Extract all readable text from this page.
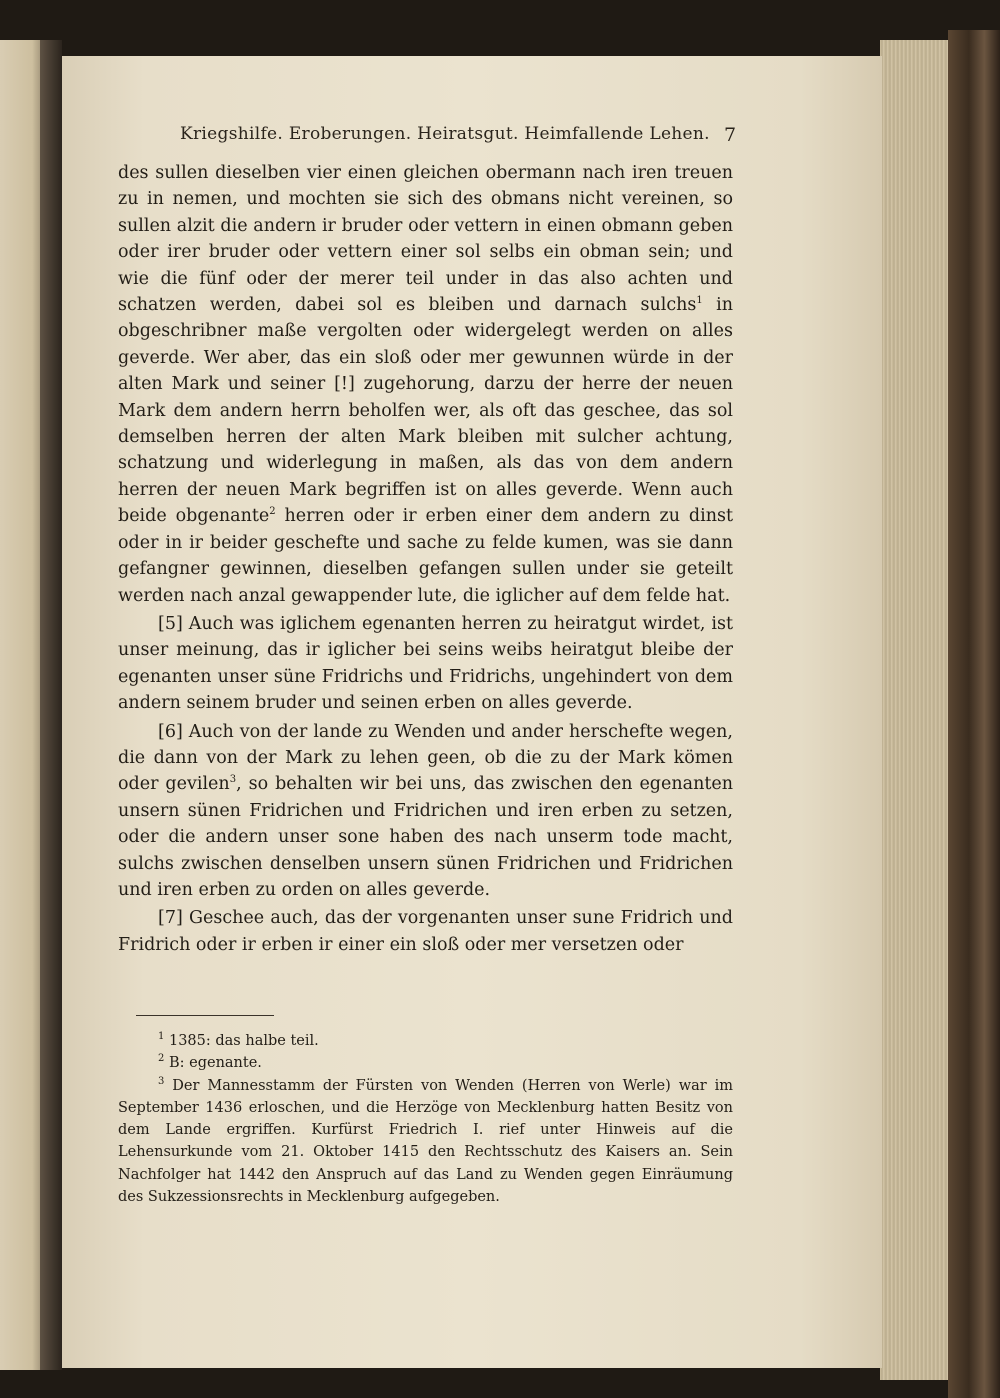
Kriegshilfe. Eroberungen. Heiratsgut. Heimfallende Lehen. 7

des sullen dieselben vier einen gleichen obermann nach iren treuen zu in nemen, und mochten sie sich des obmans nicht vereinen, so sullen alzit die andern ir bruder oder vettern in einen obmann geben oder irer bruder oder vettern einer sol selbs ein obman sein; und wie die fünf oder der merer teil under in das also achten und schatzen werden, dabei sol es bleiben und darnach sulchs$^1$ in obgeschribner maße vergolten oder widergelegt werden on alles geverde. Wer aber, das ein sloß oder mer gewunnen würde in der alten Mark und seiner [!] zugehorung, darzu der herre der neuen Mark dem andern herrn beholfen wer, als oft das geschee, das sol demselben herren der alten Mark bleiben mit sulcher achtung, schatzung und widerlegung in maßen, als das von dem andern herren der neuen Mark begriffen ist on alles geverde. Wenn auch beide obgenante$^2$ herren oder ir erben einer dem andern zu dinst oder in ir beider geschefte und sache zu felde kumen, was sie dann gefangner gewinnen, dieselben gefangen sullen under sie geteilt werden nach anzal gewappender lute, die iglicher auf dem felde hat.

[5] Auch was iglichem egenanten herren zu heiratgut wirdet, ist unser meinung, das ir iglicher bei seins weibs heiratgut bleibe der egenanten unser süne Fridrichs und Fridrichs, ungehindert von dem andern seinem bruder und seinen erben on alles geverde.

[6] Auch von der lande zu Wenden und ander herschefte wegen, die dann von der Mark zu lehen geen, ob die zu der Mark kömen oder gevilen$^3$, so behalten wir bei uns, das zwischen den egenanten unsern sünen Fridrichen und Fridrichen und iren erben zu setzen, oder die andern unser sone haben des nach unserm tode macht, sulchs zwischen denselben unsern sünen Fridrichen und Fridrichen und iren erben zu orden on alles geverde.

[7] Geschee auch, das der vorgenanten unser sune Fridrich und Fridrich oder ir erben ir einer ein sloß oder mer versetzen oder

$^1$ 1385: das halbe teil.

$^2$ B: egenante.

$^3$ Der Mannesstamm der Fürsten von Wenden (Herren von Werle) war im September 1436 erloschen, und die Herzöge von Mecklenburg hatten Besitz von dem Lande ergriffen. Kurfürst Friedrich I. rief unter Hinweis auf die Lehensurkunde vom 21. Oktober 1415 den Rechtsschutz des Kaisers an. Sein Nachfolger hat 1442 den Anspruch auf das Land zu Wenden gegen Einräumung des Sukzessionsrechts in Mecklenburg aufgegeben.
